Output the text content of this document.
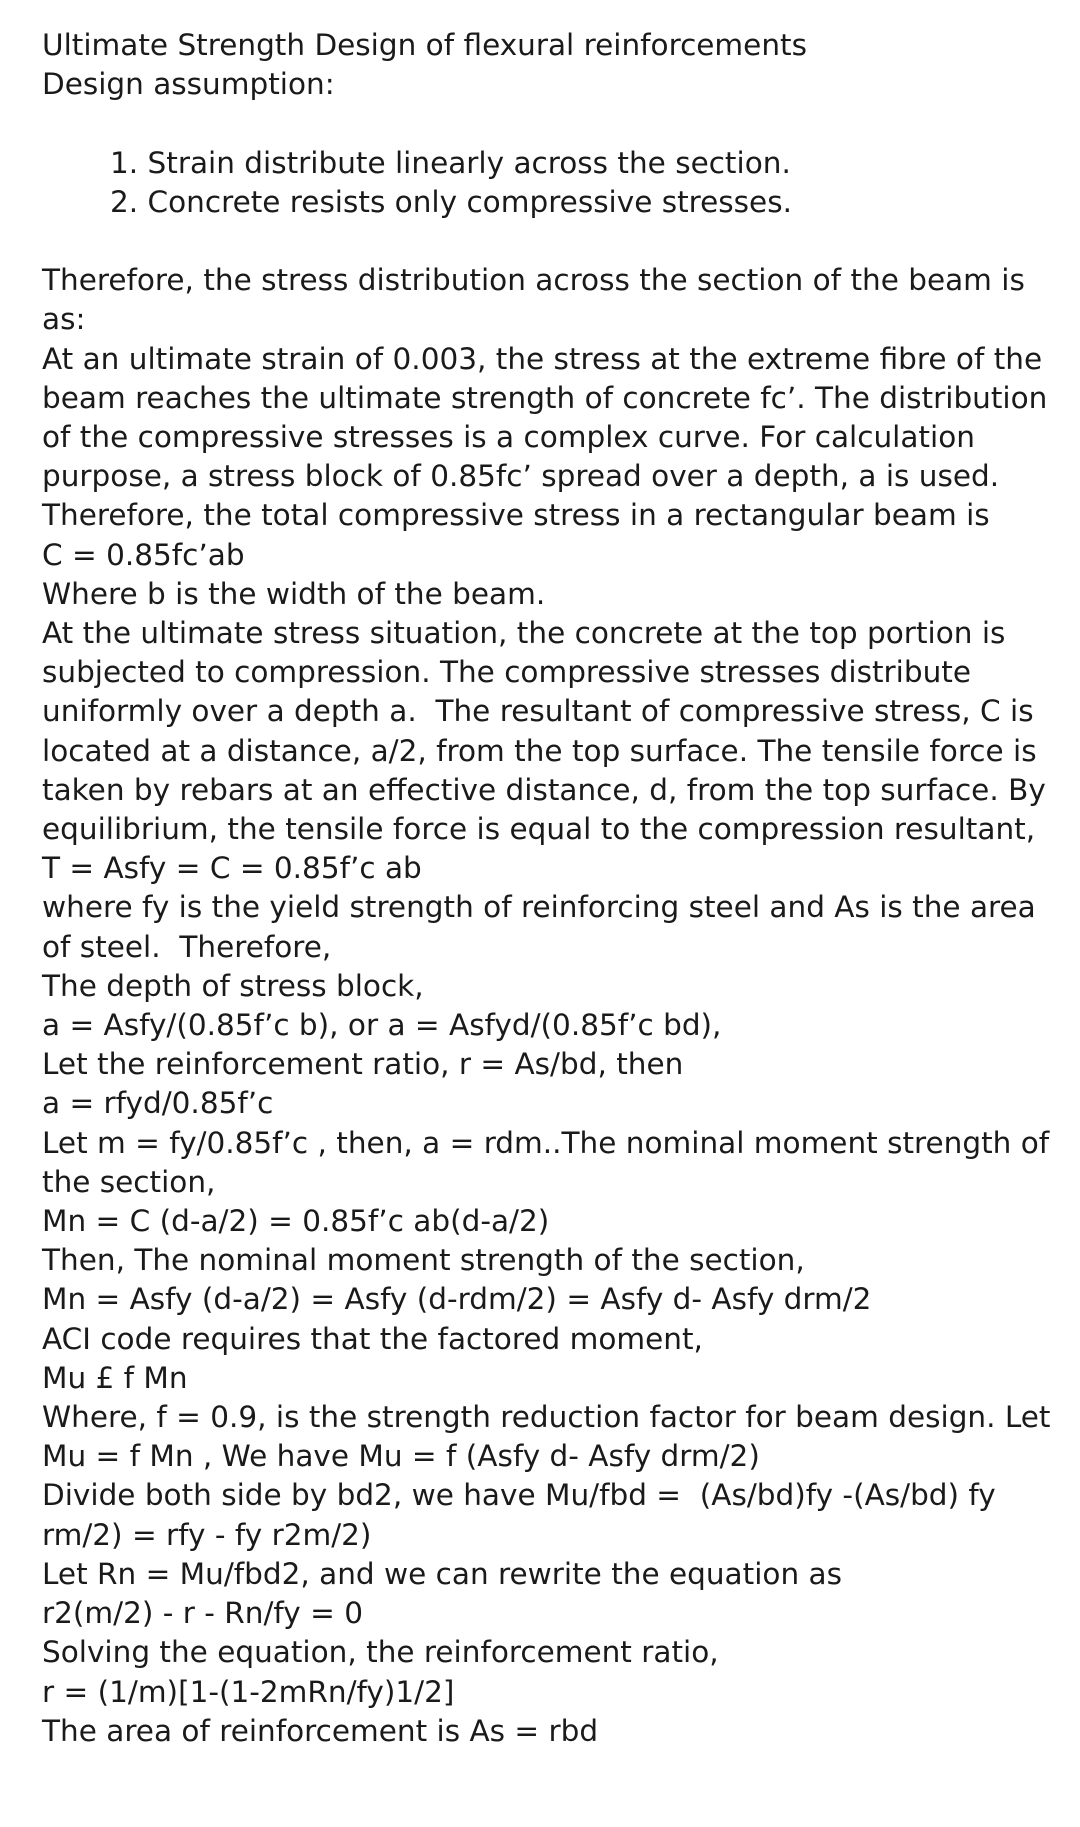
Ultimate Strength Design of flexural reinforcements

Design assumption:

1. Strain distribute linearly across the section.
2. Concrete resists only compressive stresses.

Therefore, the stress distribution across the section of the beam is as:

At an ultimate strain of 0.003, the stress at the extreme fibre of the beam reaches the ultimate strength of concrete fc’. The distribution of the compressive stresses is a complex curve. For calculation purpose, a stress block of 0.85fc’ spread over a depth, a is used.  Therefore, the total compressive stress in a rectangular beam is

C = 0.85fc’ab

Where b is the width of the beam.

At the ultimate stress situation, the concrete at the top portion is subjected to compression. The compressive stresses distribute uniformly over a depth a.  The resultant of compressive stress, C is located at a distance, a/2, from the top surface. The tensile force is taken by rebars at an effective distance, d, from the top surface. By equilibrium, the tensile force is equal to the compression resultant,

T = Asfy = C = 0.85f’c ab

where fy is the yield strength of reinforcing steel and As is the area of steel.  Therefore,

The depth of stress block,

a = Asfy/(0.85f’c b), or a = Asfyd/(0.85f’c bd),

Let the reinforcement ratio, r = As/bd, then

a = rfyd/0.85f’c

Let m = fy/0.85f’c , then, a = rdm..The nominal moment strength of the section,

Mn = C (d-a/2) = 0.85f’c ab(d-a/2)

Then, The nominal moment strength of the section,

Mn = Asfy (d-a/2) = Asfy (d-rdm/2) = Asfy d- Asfy drm/2

ACI code requires that the factored moment,

Mu £ f Mn

Where, f = 0.9, is the strength reduction factor for beam design. Let Mu = f Mn , We have Mu = f (Asfy d- Asfy drm/2)

Divide both side by bd2, we have Mu/fbd =  (As/bd)fy -(As/bd) fy rm/2) = rfy - fy r2m/2)

Let Rn = Mu/fbd2, and we can rewrite the equation as

r2(m/2) - r - Rn/fy = 0

Solving the equation, the reinforcement ratio,

r = (1/m)[1-(1-2mRn/fy)1/2]

The area of reinforcement is As = rbd
